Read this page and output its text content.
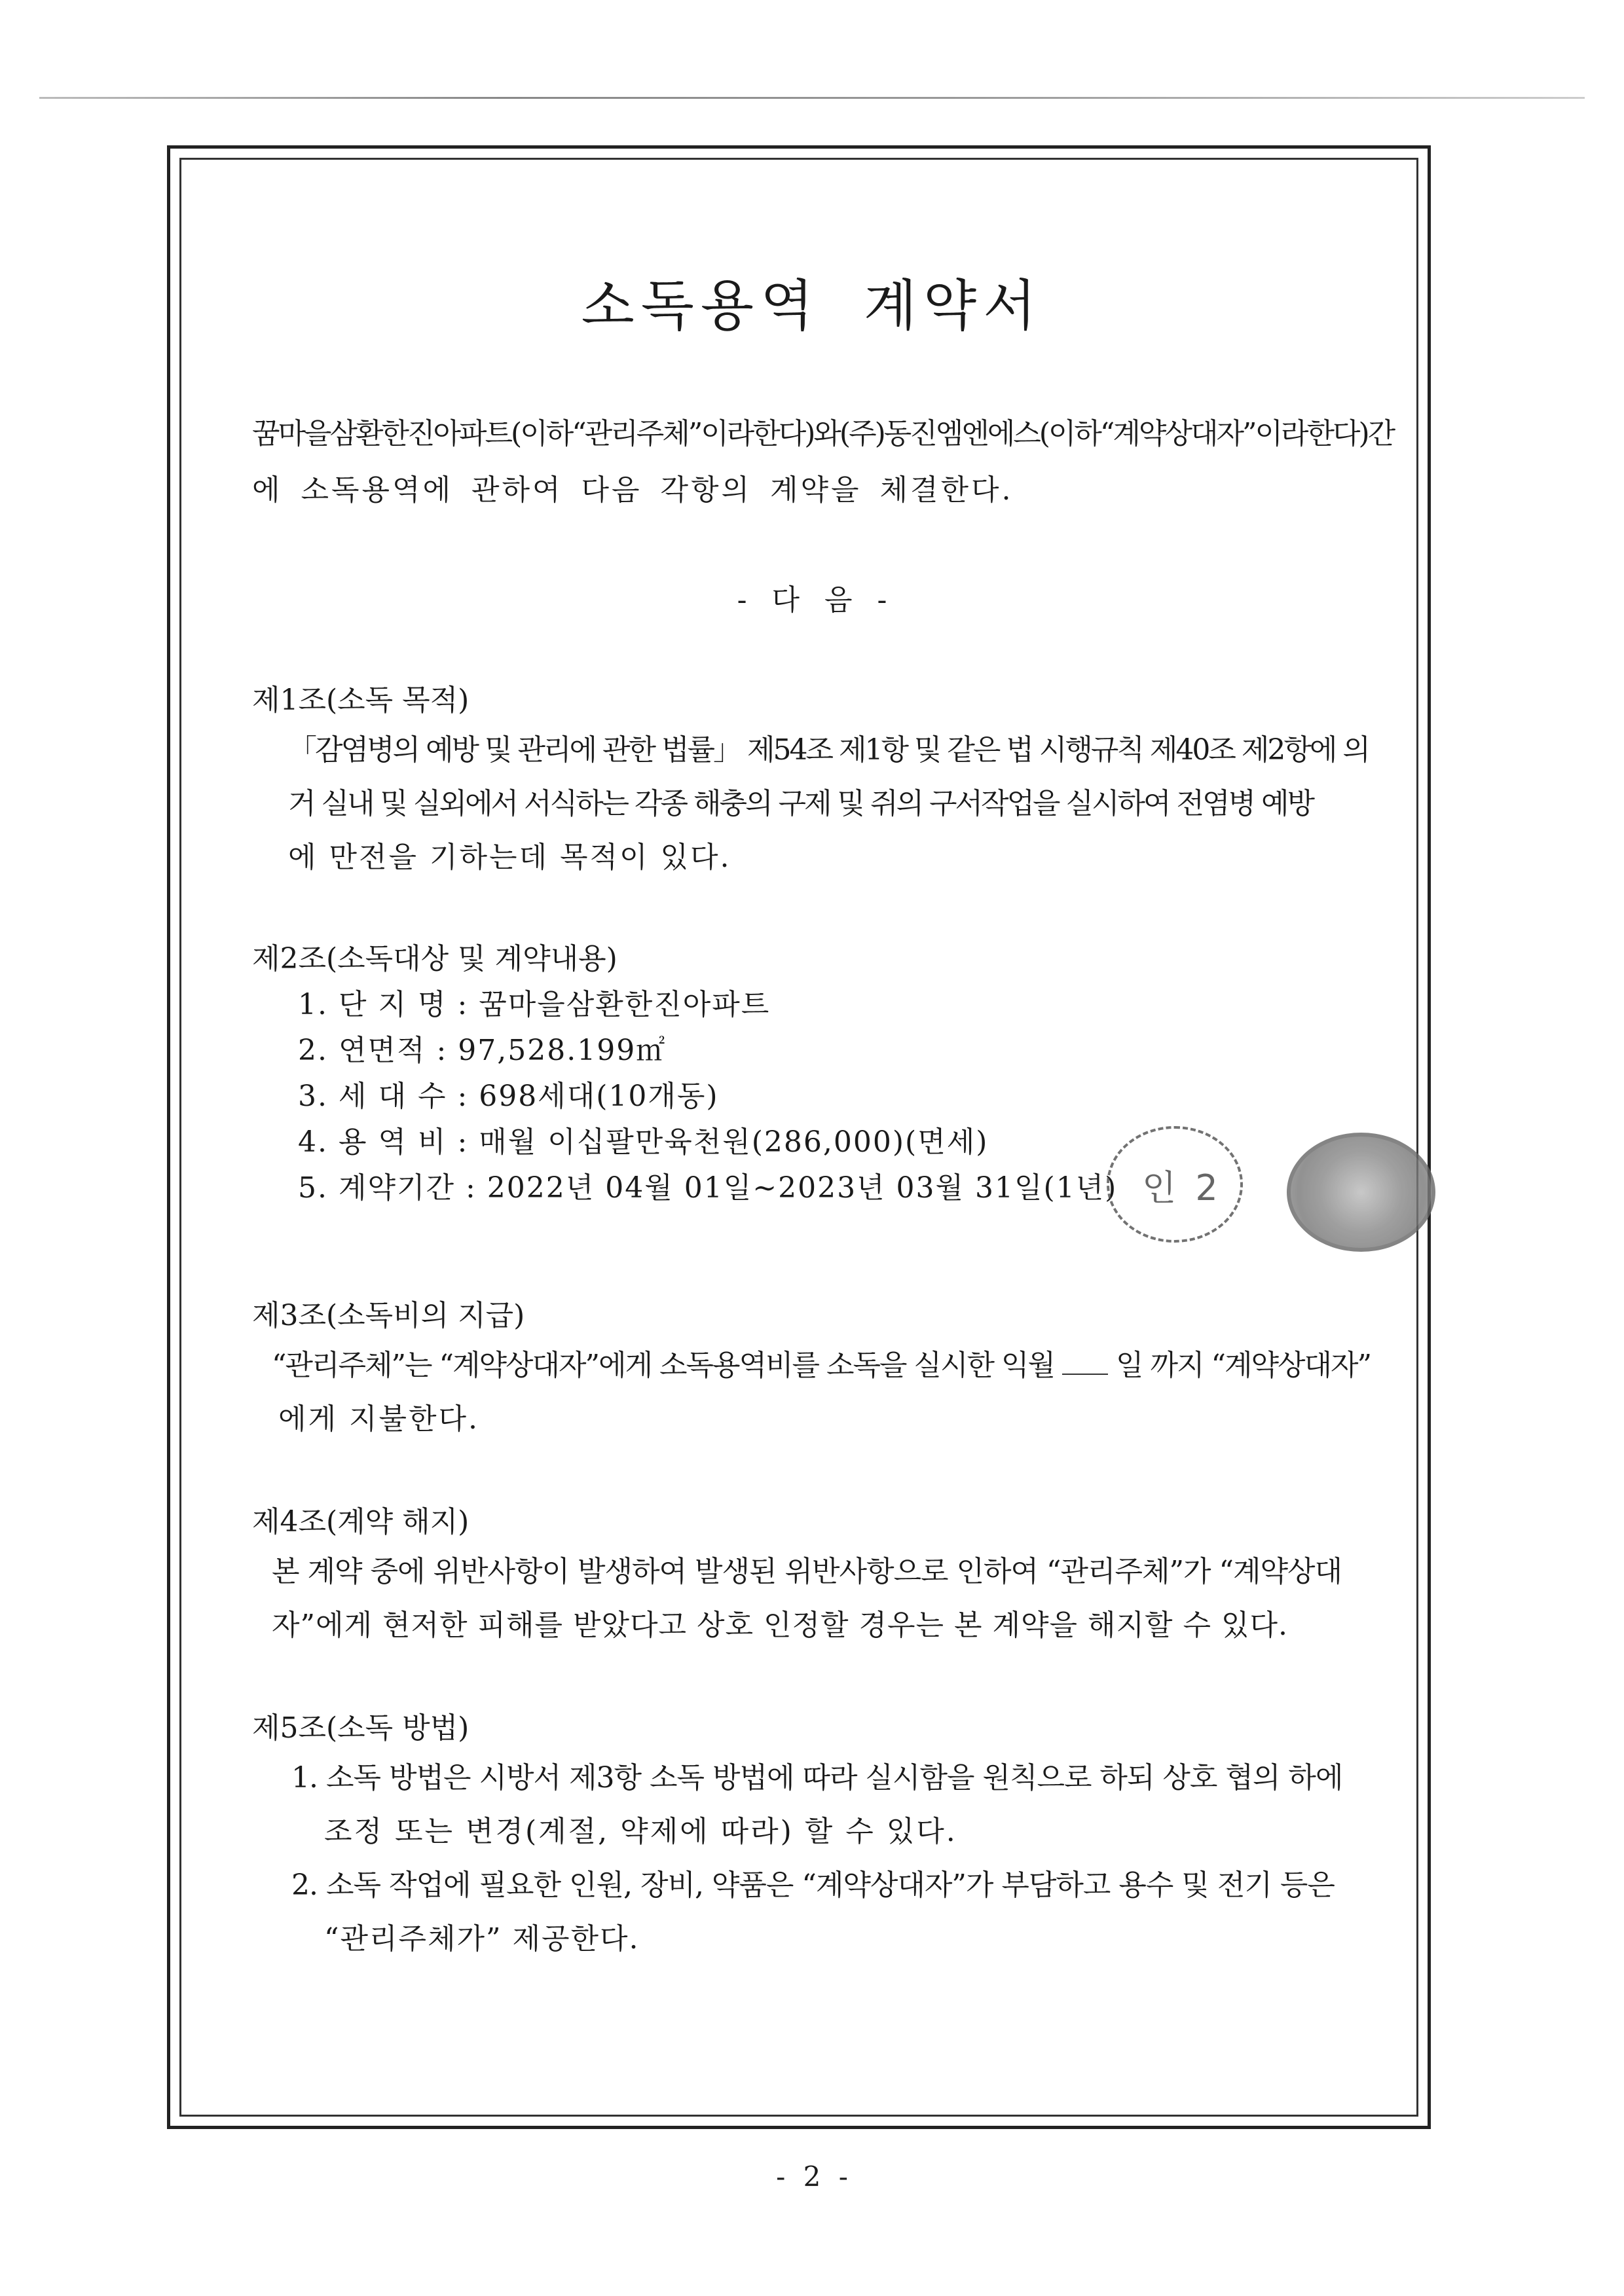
소독용역 계약서
꿈마을삼환한진아파트(이하“관리주체”이라한다)와(주)동진엠엔에스(이하“계약상대자”이라한다)간
에 소독용역에 관하여 다음 각항의 계약을 체결한다.
- 다 음 -
제1조(소독 목적)
「감염병의 예방 및 관리에 관한 법률」 제54조 제1항 및 같은 법 시행규칙 제40조 제2항에 의
거 실내 및 실외에서 서식하는 각종 해충의 구제 및 쥐의 구서작업을 실시하여 전염병 예방
에 만전을 기하는데 목적이 있다.
제2조(소독대상 및 계약내용)
1. 단 지 명 : 꿈마을삼환한진아파트
2. 연면적 : 97,528.199㎡
3. 세 대 수 : 698세대(10개동)
4. 용 역 비 : 매월 이십팔만육천원(286,000)(면세)
5. 계약기간 : 2022년 04월 01일~2023년 03월 31일(1년)
제3조(소독비의 지급)
“관리주체”는 “계약상대자”에게 소독용역비를 소독을 실시한 익월 일 까지 “계약상대자”
에게 지불한다.
제4조(계약 해지)
본 계약 중에 위반사항이 발생하여 발생된 위반사항으로 인하여 “관리주체”가 “계약상대
자”에게 현저한 피해를 받았다고 상호 인정할 경우는 본 계약을 해지할 수 있다.
제5조(소독 방법)
1. 소독 방법은 시방서 제3항 소독 방법에 따라 실시함을 원칙으로 하되 상호 협의 하에
조정 또는 변경(계절, 약제에 따라) 할 수 있다.
2. 소독 작업에 필요한 인원, 장비, 약품은 “계약상대자”가 부담하고 용수 및 전기 등은
“관리주체가” 제공한다.
인 2
- 2 -
